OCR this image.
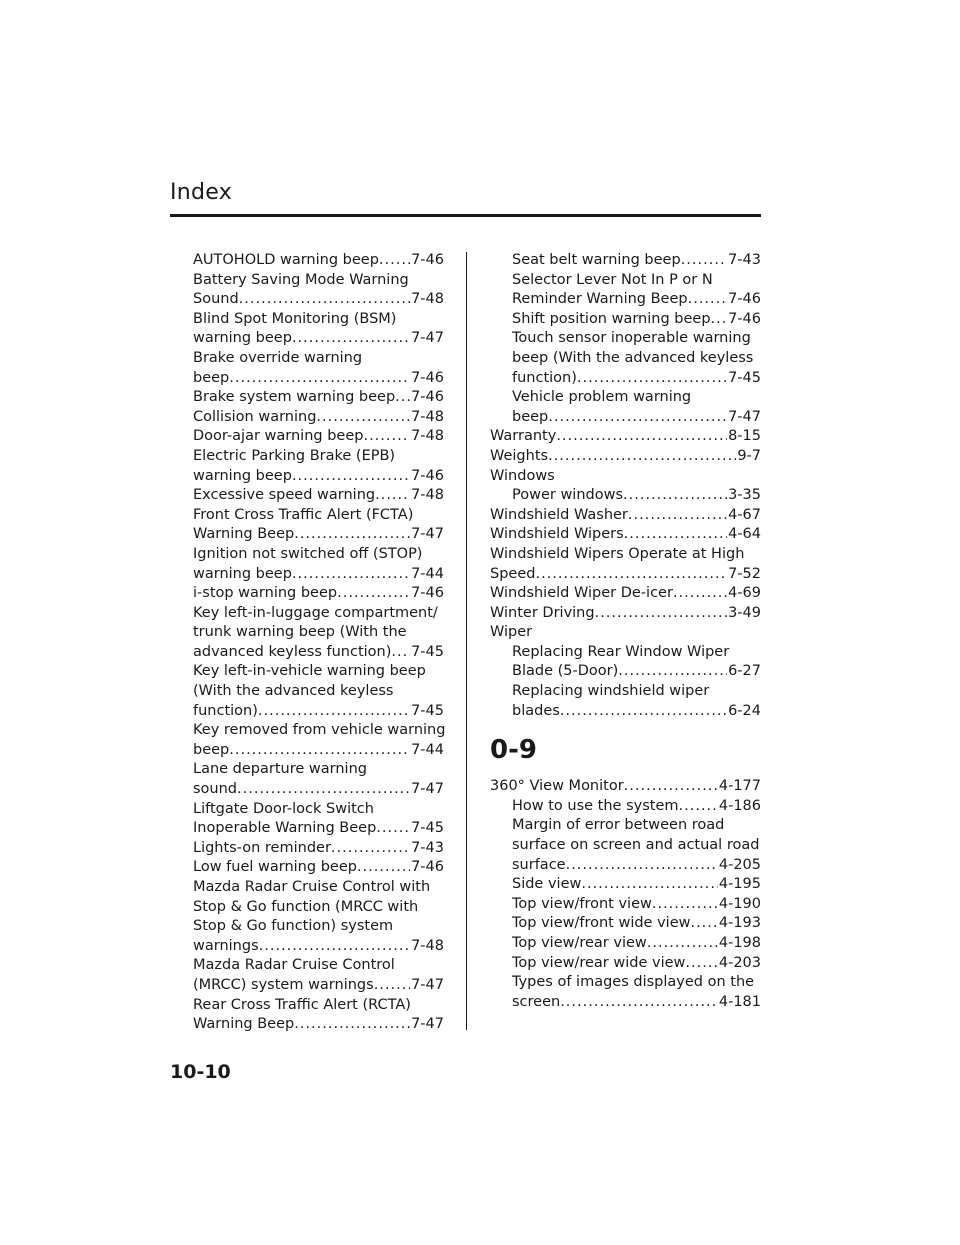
Index
AUTOHOLD warning beep ..... 7-46
Battery Saving Mode Warning
Sound .....	7-48
Blind Spot Monitoring (BSM)
warning beep .....	7-47
Brake override warning
beep .....	7-46
Brake system warning beep ..... 7-46
Collision warning .....	7-48
Door-ajar warning beep .....	7-48
Electric Parking Brake (EPB)
warning beep .....	7-46
Excessive speed warning ..... 7-48
Front Cross Traffic Alert (FCTA)
Warning Beep .....	7-47
Ignition not switched off (STOP)
warning beep .....	7-44
i-stop warning beep .....	7-46
Key left-in-luggage compartment/
trunk warning beep (With the
advanced keyless function) ..... 7-45
Key left-in-vehicle warning beep
(With the advanced keyless
function) .....	7-45
Key removed from vehicle warning
beep .....	7-44
Lane departure warning
sound .....	7-47
Liftgate Door-lock Switch
Inoperable Warning Beep ..... 7-45
Lights-on reminder .....	7-43
Low fuel warning beep .....	7-46
Mazda Radar Cruise Control with
Stop & Go function (MRCC with
Stop & Go function) system
warnings .....	7-48
Mazda Radar Cruise Control
(MRCC) system warnings .....	7-47
Rear Cross Traffic Alert (RCTA)
Warning Beep .....	7-47
Seat belt warning beep .....	7-43
Selector Lever Not In P or N
Reminder Warning Beep .....	7-46
Shift position warning beep ..... 7-46
Touch sensor inoperable warning
beep (With the advanced keyless
function) .....	7-45
Vehicle problem warning
beep .....	7-47
Warranty .....	8-15
Weights .....	9-7
Windows
Power windows .....	3-35
Windshield Washer .....	4-67
Windshield Wipers .....	4-64
Windshield Wipers Operate at High
Speed .....	7-52
Windshield Wiper De-icer .....	4-69
Winter Driving .....	3-49
Wiper
Replacing Rear Window Wiper
Blade (5-Door) .....	6-27
Replacing windshield wiper
blades .....	6-24
0-9
360° View Monitor .....	4-177
How to use the system .....	4-186
Margin of error between road
surface on screen and actual road
surface .....	4-205
Side view .....	4-195
Top view/front view .....	4-190
Top view/front wide view ..... 4-193
Top view/rear view .....	4-198
Top view/rear wide view ..... 4-203
Types of images displayed on the
screen .....	4-181
10-10
